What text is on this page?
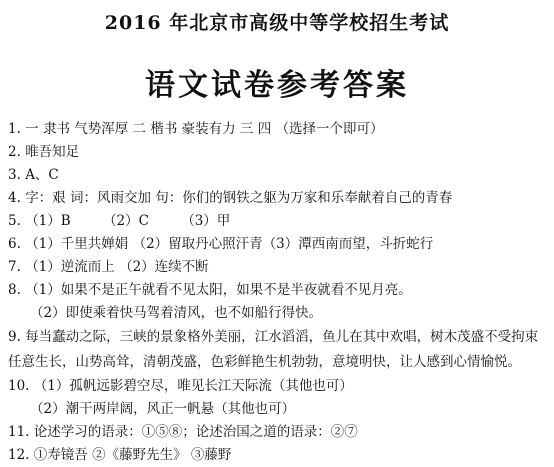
2016 年北京市高级中等学校招生考试
语文试卷参考答案
1. 一 隶书 气势浑厚 二 楷书 豪装有力 三 四 （选择一个即可）
2. 唯吾知足
3. A、C
4. 字：艰 词：风雨交加 句：你们的钢铁之躯为万家和乐奉献着自己的青春
5. （1）B （2）C （3）甲
6. （1）千里共婵娟 （2）留取丹心照汗青（3）潭西南而望，斗折蛇行
7. （1）逆流而上 （2）连续不断
8. （1）如果不是正午就看不见太阳，如果不是半夜就看不见月亮。
（2）即使乘着快马驾着清风，也不如船行得快。
9. 每当蠢动之际，三峡的景象格外美丽，江水滔滔，鱼儿在其中欢唱，树木茂盛不受拘束
任意生长，山势高耸，清朝茂盛，色彩鲜艳生机勃勃，意境明快，让人感到心情愉悦。
10. （1）孤帆远影碧空尽，唯见长江天际流（其他也可）
（2）潮干两岸阔，风正一帆悬（其他也可）
11. 论述学习的语录：①⑤⑧；论述治国之道的语录：②⑦
12. ①寿镜吾 ②《藤野先生》 ③藤野
